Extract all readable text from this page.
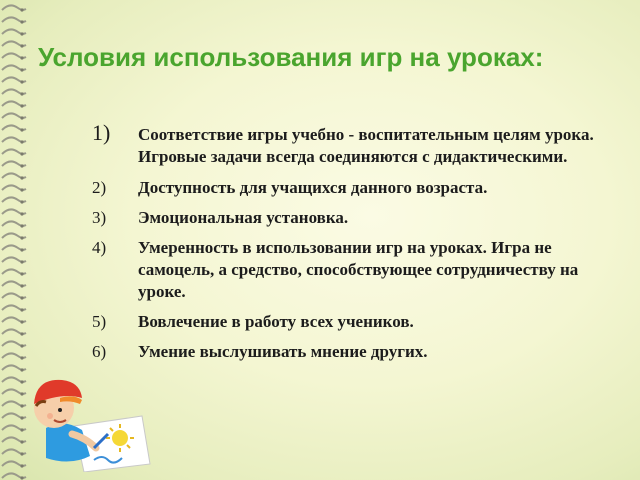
Условия использования игр на уроках:
1) Соответствие игры учебно - воспитательным целям урока. Игровые задачи всегда соединяются с дидактическими.
2) Доступность для учащихся данного возраста.
3) Эмоциональная установка.
4) Умеренность в использовании игр на уроках. Игра не самоцель, а средство, способствующее сотрудничеству на уроке.
5) Вовлечение в работу всех учеников.
6) Умение выслушивать мнение других.
